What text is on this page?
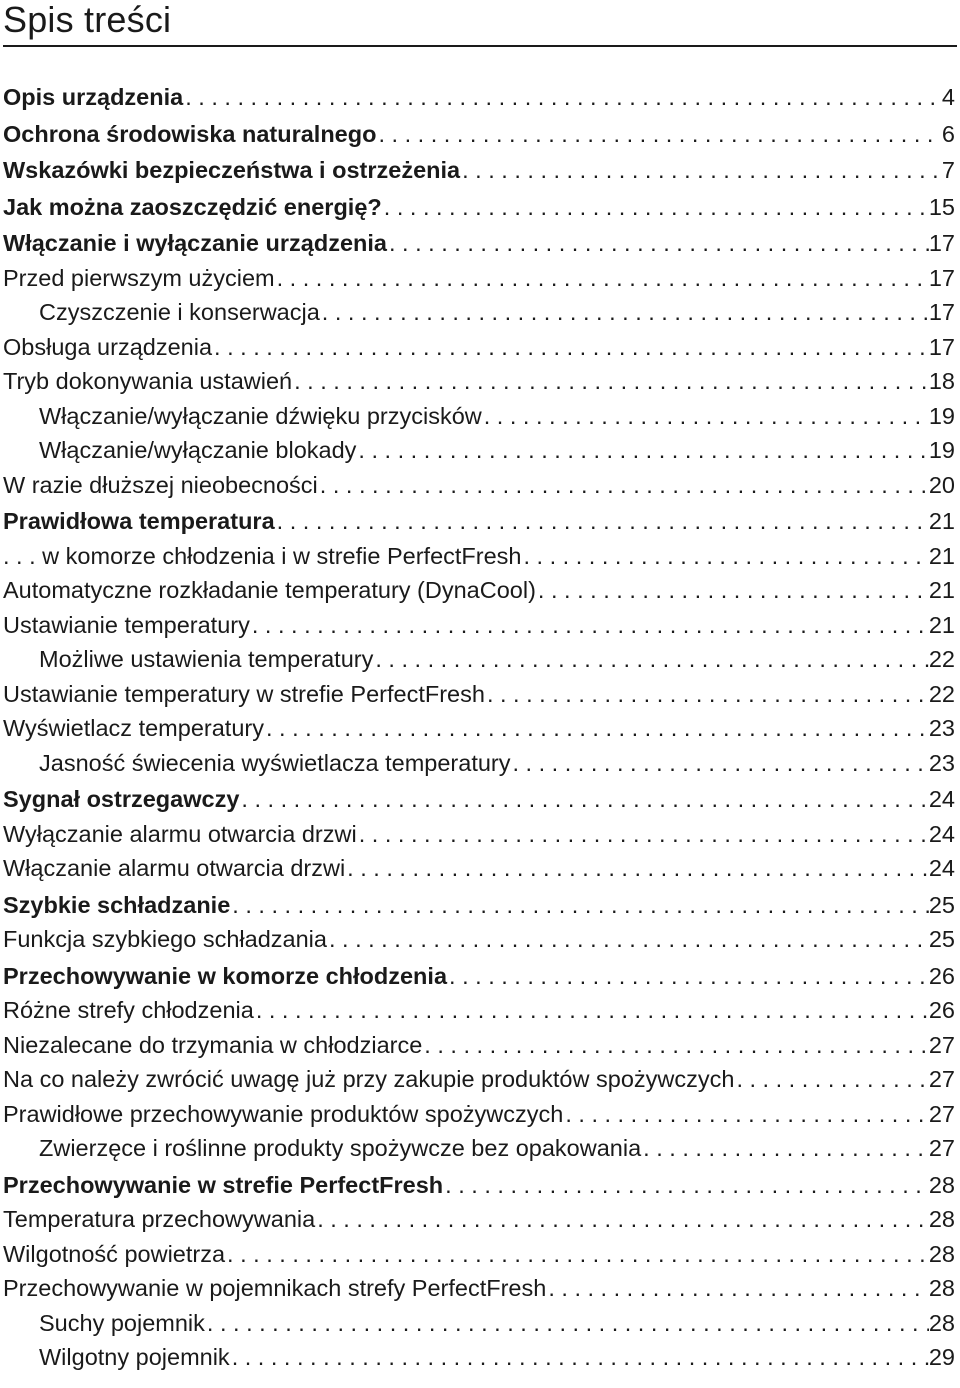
Spis treści
Opis urządzenia . . .	4
Ochrona środowiska naturalnego . . .	6
Wskazówki bezpieczeństwa i ostrzeżenia . . .	7
Jak można zaoszczędzić energię? . . .	15
Włączanie i wyłączanie urządzenia . . .	17
Przed pierwszym użyciem . . .	17
Czyszczenie i konserwacja . . .	17
Obsługa urządzenia . . .	17
Tryb dokonywania ustawień . . .	18
Włączanie/wyłączanie dźwięku przycisków . . .	19
Włączanie/wyłączanie blokady . . .	19
W razie dłuższej nieobecności . . .	20
Prawidłowa temperatura . . .	21
. . . w komorze chłodzenia i w strefie PerfectFresh . . .	21
Automatyczne rozkładanie temperatury (DynaCool) . . .	21
Ustawianie temperatury . . .	21
Możliwe ustawienia temperatury . . .	22
Ustawianie temperatury w strefie PerfectFresh . . .	22
Wyświetlacz temperatury . . .	23
Jasność świecenia wyświetlacza temperatury . . .	23
Sygnał ostrzegawczy . . .	24
Wyłączanie alarmu otwarcia drzwi . . .	24
Włączanie alarmu otwarcia drzwi . . .	24
Szybkie schładzanie . . .	25
Funkcja szybkiego schładzania . . .	25
Przechowywanie w komorze chłodzenia . . .	26
Różne strefy chłodzenia . . .	26
Niezalecane do trzymania w chłodziarce . . .	27
Na co należy zwrócić uwagę już przy zakupie produktów spożywczych . . .	27
Prawidłowe przechowywanie produktów spożywczych . . .	27
Zwierzęce i roślinne produkty spożywcze bez opakowania . . .	27
Przechowywanie w strefie PerfectFresh . . .	28
Temperatura przechowywania . . .	28
Wilgotność powietrza . . .	28
Przechowywanie w pojemnikach strefy PerfectFresh . . .	28
Suchy pojemnik . . .	28
Wilgotny pojemnik . . .	29
